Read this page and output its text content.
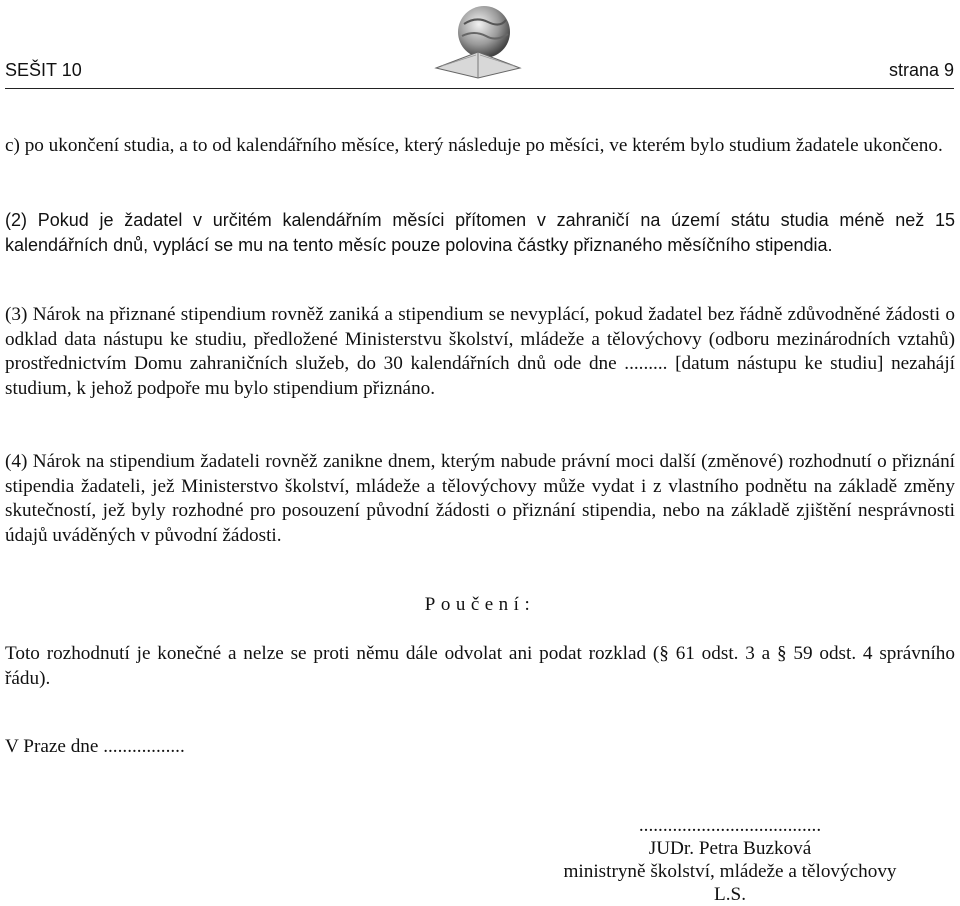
SEŠIT 10	strana 9
c) po ukončení studia, a to od kalendářního měsíce, který následuje po měsíci, ve kterém bylo studium žadatele ukončeno.
(2) Pokud je žadatel v určitém kalendářním měsíci přítomen v zahraničí na území státu studia méně než 15 kalendářních dnů, vyplácí se mu na tento měsíc pouze polovina částky přiznaného měsíčního stipendia.
(3) Nárok na přiznané stipendium rovněž zaniká a stipendium se nevyplácí, pokud žadatel bez řádně zdůvodněné žádosti o odklad data nástupu ke studiu, předložené Ministerstvu školství, mládeže a tělovýchovy (odboru mezinárodních vztahů) prostřednictvím Domu zahraničních služeb, do 30 kalendářních dnů ode dne ......... [datum nástupu ke studiu] nezahájí studium, k jehož podpoře mu bylo stipendium přiznáno.
(4) Nárok na stipendium žadateli rovněž zanikne dnem, kterým nabude právní moci další (změnové) rozhodnutí o přiznání stipendia žadateli, jež Ministerstvo školství, mládeže a tělovýchovy může vydat i z vlastního podnětu na základě změny skutečností, jež byly rozhodné pro posouzení původní žádosti o přiznání stipendia, nebo na základě zjištění nesprávnosti údajů uváděných v původní žádosti.
Poučení:
Toto rozhodnutí je konečné a nelze se proti němu dále odvolat ani podat rozklad (§ 61 odst. 3 a § 59 odst. 4 správního řádu).
V Praze dne .................
......................................
JUDr. Petra Buzková
ministryně školství, mládeže a tělovýchovy
L.S.
